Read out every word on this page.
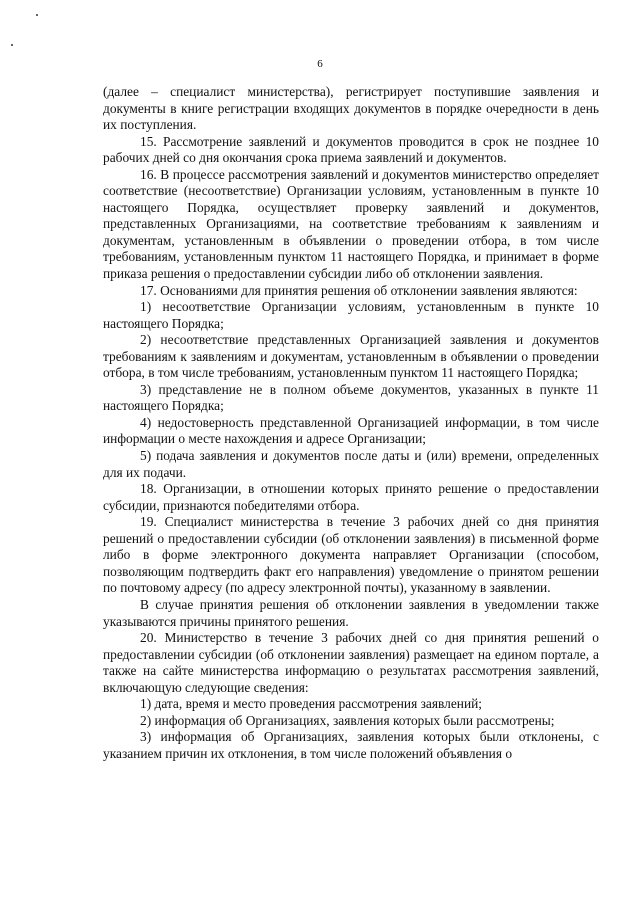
6

(далее – специалист министерства), регистрирует поступившие заявления и документы в книге регистрации входящих документов в порядке очередности в день их поступления.

15. Рассмотрение заявлений и документов проводится в срок не позднее 10 рабочих дней со дня окончания срока приема заявлений и документов.

16. В процессе рассмотрения заявлений и документов министерство определяет соответствие (несоответствие) Организации условиям, установленным в пункте 10 настоящего Порядка, осуществляет проверку заявлений и документов, представленных Организациями, на соответствие требованиям к заявлениям и документам, установленным в объявлении о проведении отбора, в том числе требованиям, установленным пунктом 11 настоящего Порядка, и принимает в форме приказа решения о предоставлении субсидии либо об отклонении заявления.

17. Основаниями для принятия решения об отклонении заявления являются:

1) несоответствие Организации условиям, установленным в пункте 10 настоящего Порядка;

2) несоответствие представленных Организацией заявления и документов требованиям к заявлениям и документам, установленным в объявлении о проведении отбора, в том числе требованиям, установленным пунктом 11 настоящего Порядка;

3) представление не в полном объеме документов, указанных в пункте 11 настоящего Порядка;

4) недостоверность представленной Организацией информации, в том числе информации о месте нахождения и адресе Организации;

5) подача заявления и документов после даты и (или) времени, определенных для их подачи.

18. Организации, в отношении которых принято решение о предоставлении субсидии, признаются победителями отбора.

19. Специалист министерства в течение 3 рабочих дней со дня принятия решений о предоставлении субсидии (об отклонении заявления) в письменной форме либо в форме электронного документа направляет Организации (способом, позволяющим подтвердить факт его направления) уведомление о принятом решении по почтовому адресу (по адресу электронной почты), указанному в заявлении.

В случае принятия решения об отклонении заявления в уведомлении также указываются причины принятого решения.

20. Министерство в течение 3 рабочих дней со дня принятия решений о предоставлении субсидии (об отклонении заявления) размещает на едином портале, а также на сайте министерства информацию о результатах рассмотрения заявлений, включающую следующие сведения:

1) дата, время и место проведения рассмотрения заявлений;

2) информация об Организациях, заявления которых были рассмотрены;

3) информация об Организациях, заявления которых были отклонены, с указанием причин их отклонения, в том числе положений объявления о
